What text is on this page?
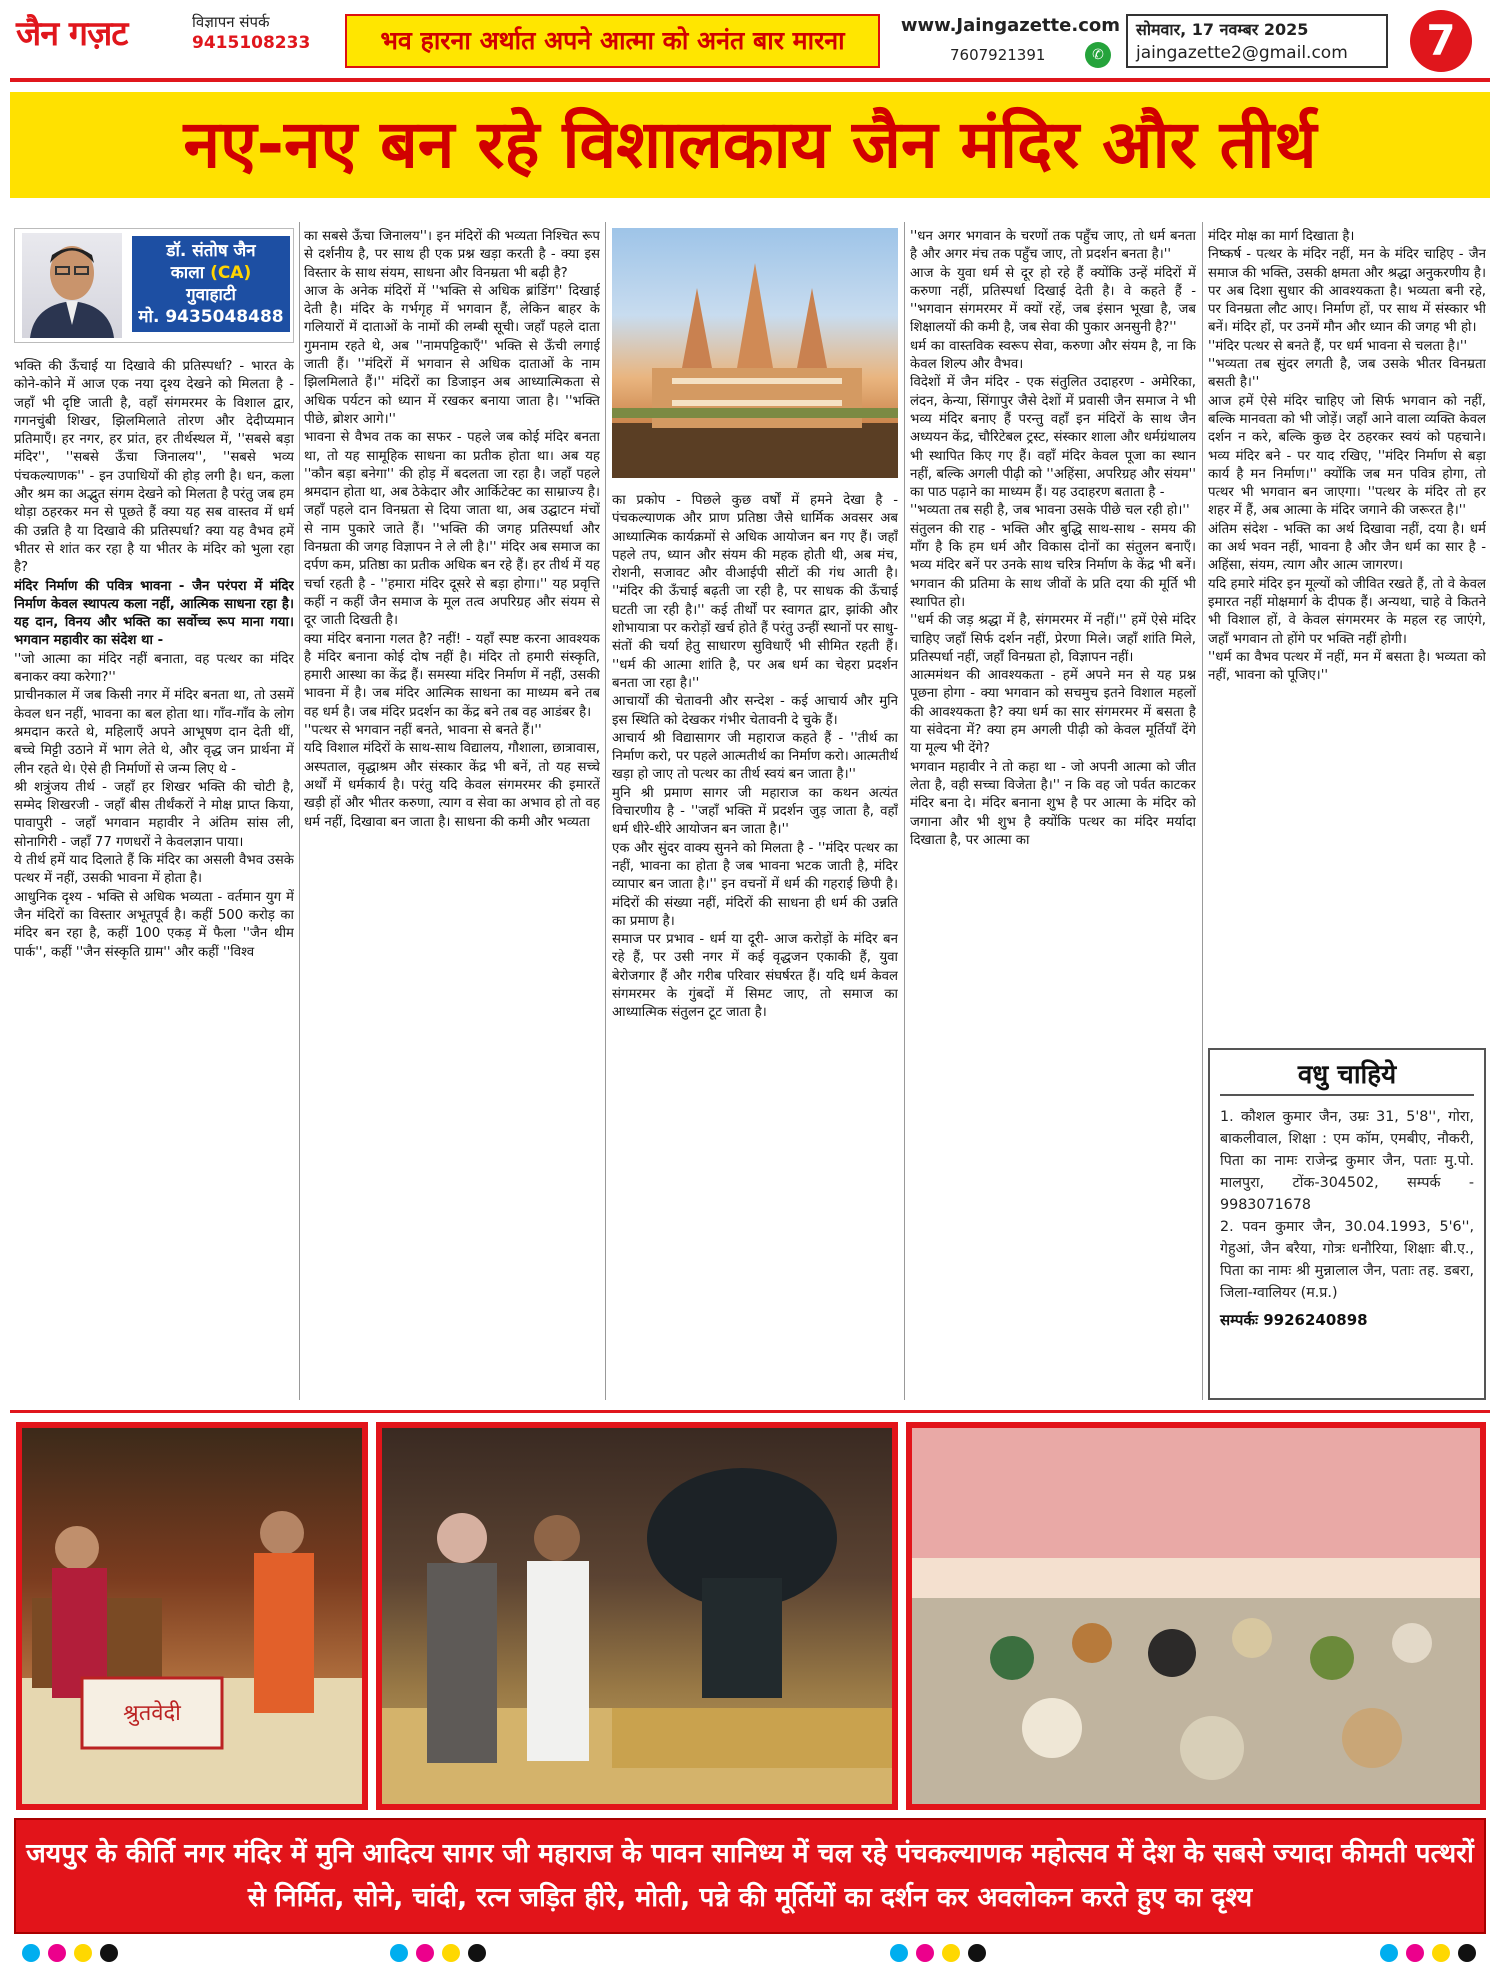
जैन गज़ट	विज्ञापन संपर्क
9415108233	भव हारना अर्थात अपने आत्मा को अनंत बार मारना
www.Jaingazette.com
7607921391	✆
सोमवार, 17 नवम्बर 2025
jaingazette2@gmail.com	7
नए-नए बन रहे विशालकाय जैन मंदिर और तीर्थ
डॉ. संतोष जैन
काला (CA)
गुवाहाटी
मो. 9435048488

भक्ति की ऊँचाई या दिखावे की प्रतिस्पर्धा? - भारत के कोने-कोने में आज एक नया दृश्य देखने को मिलता है - जहाँ भी दृष्टि जाती है, वहाँ संगमरमर के विशाल द्वार, गगनचुंबी शिखर, झिलमिलाते तोरण और देदीप्यमान प्रतिमाएँ। हर नगर, हर प्रांत, हर तीर्थस्थल में, ''सबसे बड़ा मंदिर'', ''सबसे ऊँचा जिनालय'', ''सबसे भव्य पंचकल्याणक'' - इन उपाधियों की होड़ लगी है। धन, कला और श्रम का अद्भुत संगम देखने को मिलता है परंतु जब हम थोड़ा ठहरकर मन से पूछते हैं क्या यह सब वास्तव में धर्म की उन्नति है या दिखावे की प्रतिस्पर्धा? क्या यह वैभव हमें भीतर से शांत कर रहा है या भीतर के मंदिर को भुला रहा है?

मंदिर निर्माण की पवित्र भावना - जैन परंपरा में मंदिर निर्माण केवल स्थापत्य कला नहीं, आत्मिक साधना रहा है। यह दान, विनय और भक्ति का सर्वोच्च रूप माना गया। भगवान महावीर का संदेश था -

''जो आत्मा का मंदिर नहीं बनाता, वह पत्थर का मंदिर बनाकर क्या करेगा?''

प्राचीनकाल में जब किसी नगर में मंदिर बनता था, तो उसमें केवल धन नहीं, भावना का बल होता था। गाँव-गाँव के लोग श्रमदान करते थे, महिलाएँ अपने आभूषण दान देती थीं, बच्चे मिट्टी उठाने में भाग लेते थे, और वृद्ध जन प्रार्थना में लीन रहते थे। ऐसे ही निर्माणों से जन्म लिए थे -

श्री शत्रुंजय तीर्थ - जहाँ हर शिखर भक्ति की चोटी है, सम्मेद शिखरजी - जहाँ बीस तीर्थंकरों ने मोक्ष प्राप्त किया, पावापुरी - जहाँ भगवान महावीर ने अंतिम सांस ली, सोनागिरी - जहाँ 77 गणधरों ने केवलज्ञान पाया।

ये तीर्थ हमें याद दिलाते हैं कि मंदिर का असली वैभव उसके पत्थर में नहीं, उसकी भावना में होता है।

आधुनिक दृश्य - भक्ति से अधिक भव्यता - वर्तमान युग में जैन मंदिरों का विस्तार अभूतपूर्व है। कहीं 500 करोड़ का मंदिर बन रहा है, कहीं 100 एकड़ में फैला ''जैन थीम पार्क'', कहीं ''जैन संस्कृति ग्राम'' और कहीं ''विश्व

का सबसे ऊँचा जिनालय''। इन मंदिरों की भव्यता निश्चित रूप से दर्शनीय है, पर साथ ही एक प्रश्न खड़ा करती है - क्या इस विस्तार के साथ संयम, साधना और विनम्रता भी बढ़ी है?

आज के अनेक मंदिरों में ''भक्ति से अधिक ब्रांडिंग'' दिखाई देती है। मंदिर के गर्भगृह में भगवान हैं, लेकिन बाहर के गलियारों में दाताओं के नामों की लम्बी सूची। जहाँ पहले दाता गुमनाम रहते थे, अब ''नामपट्टिकाएँ'' भक्ति से ऊँची लगाई जाती हैं। ''मंदिरों में भगवान से अधिक दाताओं के नाम झिलमिलाते हैं।'' मंदिरों का डिजाइन अब आध्यात्मिकता से अधिक पर्यटन को ध्यान में रखकर बनाया जाता है। ''भक्ति पीछे, ब्रोशर आगे।''

भावना से वैभव तक का सफर - पहले जब कोई मंदिर बनता था, तो यह सामूहिक साधना का प्रतीक होता था। अब यह ''कौन बड़ा बनेगा'' की होड़ में बदलता जा रहा है। जहाँ पहले श्रमदान होता था, अब ठेकेदार और आर्किटेक्ट का साम्राज्य है। जहाँ पहले दान विनम्रता से दिया जाता था, अब उद्घाटन मंचों से नाम पुकारे जाते हैं। ''भक्ति की जगह प्रतिस्पर्धा और विनम्रता की जगह विज्ञापन ने ले ली है।'' मंदिर अब समाज का दर्पण कम, प्रतिष्ठा का प्रतीक अधिक बन रहे हैं। हर तीर्थ में यह चर्चा रहती है - ''हमारा मंदिर दूसरे से बड़ा होगा।'' यह प्रवृत्ति कहीं न कहीं जैन समाज के मूल तत्व अपरिग्रह और संयम से दूर जाती दिखती है।

क्या मंदिर बनाना गलत है? नहीं! - यहाँ स्पष्ट करना आवश्यक है मंदिर बनाना कोई दोष नहीं है। मंदिर तो हमारी संस्कृति, हमारी आस्था का केंद्र हैं। समस्या मंदिर निर्माण में नहीं, उसकी भावना में है। जब मंदिर आत्मिक साधना का माध्यम बने तब वह धर्म है। जब मंदिर प्रदर्शन का केंद्र बने तब वह आडंबर है।

''पत्थर से भगवान नहीं बनते, भावना से बनते हैं।''

यदि विशाल मंदिरों के साथ-साथ विद्यालय, गौशाला, छात्रावास, अस्पताल, वृद्धाश्रम और संस्कार केंद्र भी बनें, तो यह सच्चे अर्थों में धर्मकार्य है। परंतु यदि केवल संगमरमर की इमारतें खड़ी हों और भीतर करुणा, त्याग व सेवा का अभाव हो तो वह धर्म नहीं, दिखावा बन जाता है। साधना की कमी और भव्यता

का प्रकोप - पिछले कुछ वर्षों में हमने देखा है - पंचकल्याणक और प्राण प्रतिष्ठा जैसे धार्मिक अवसर अब आध्यात्मिक कार्यक्रमों से अधिक आयोजन बन गए हैं। जहाँ पहले तप, ध्यान और संयम की महक होती थी, अब मंच, रोशनी, सजावट और वीआईपी सीटों की गंध आती है। ''मंदिर की ऊँचाई बढ़ती जा रही है, पर साधक की ऊँचाई घटती जा रही है।'' कई तीर्थों पर स्वागत द्वार, झांकी और शोभायात्रा पर करोड़ों खर्च होते हैं परंतु उन्हीं स्थानों पर साधु-संतों की चर्या हेतु साधारण सुविधाएँ भी सीमित रहती हैं। ''धर्म की आत्मा शांति है, पर अब धर्म का चेहरा प्रदर्शन बनता जा रहा है।''

आचार्यों की चेतावनी और सन्देश - कई आचार्य और मुनि इस स्थिति को देखकर गंभीर चेतावनी दे चुके हैं।

आचार्य श्री विद्यासागर जी महाराज कहते हैं - ''तीर्थ का निर्माण करो, पर पहले आत्मतीर्थ का निर्माण करो। आत्मतीर्थ खड़ा हो जाए तो पत्थर का तीर्थ स्वयं बन जाता है।''

मुनि श्री प्रमाण सागर जी महाराज का कथन अत्यंत विचारणीय है - ''जहाँ भक्ति में प्रदर्शन जुड़ जाता है, वहाँ धर्म धीरे-धीरे आयोजन बन जाता है।''

एक और सुंदर वाक्य सुनने को मिलता है - ''मंदिर पत्थर का नहीं, भावना का होता है जब भावना भटक जाती है, मंदिर व्यापार बन जाता है।'' इन वचनों में धर्म की गहराई छिपी है। मंदिरों की संख्या नहीं, मंदिरों की साधना ही धर्म की उन्नति का प्रमाण है।

समाज पर प्रभाव - धर्म या दूरी- आज करोड़ों के मंदिर बन रहे हैं, पर उसी नगर में कई वृद्धजन एकाकी हैं, युवा बेरोजगार हैं और गरीब परिवार संघर्षरत हैं। यदि धर्म केवल संगमरमर के गुंबदों में सिमट जाए, तो समाज का आध्यात्मिक संतुलन टूट जाता है।

''धन अगर भगवान के चरणों तक पहुँच जाए, तो धर्म बनता है और अगर मंच तक पहुँच जाए, तो प्रदर्शन बनता है।''

आज के युवा धर्म से दूर हो रहे हैं क्योंकि उन्हें मंदिरों में करुणा नहीं, प्रतिस्पर्धा दिखाई देती है। वे कहते हैं - ''भगवान संगमरमर में क्यों रहें, जब इंसान भूखा है, जब शिक्षालयों की कमी है, जब सेवा की पुकार अनसुनी है?''

धर्म का वास्तविक स्वरूप सेवा, करुणा और संयम है, ना कि केवल शिल्प और वैभव।

विदेशों में जैन मंदिर - एक संतुलित उदाहरण - अमेरिका, लंदन, केन्या, सिंगापुर जैसे देशों में प्रवासी जैन समाज ने भी भव्य मंदिर बनाए हैं परन्तु वहाँ इन मंदिरों के साथ जैन अध्ययन केंद्र, चौरिटेबल ट्रस्ट, संस्कार शाला और धर्मग्रंथालय भी स्थापित किए गए हैं। वहाँ मंदिर केवल पूजा का स्थान नहीं, बल्कि अगली पीढ़ी को ''अहिंसा, अपरिग्रह और संयम'' का पाठ पढ़ाने का माध्यम हैं। यह उदाहरण बताता है -

''भव्यता तब सही है, जब भावना उसके पीछे चल रही हो।''

संतुलन की राह - भक्ति और बुद्धि साथ-साथ - समय की माँग है कि हम धर्म और विकास दोनों का संतुलन बनाएँ। भव्य मंदिर बनें पर उनके साथ चरित्र निर्माण के केंद्र भी बनें। भगवान की प्रतिमा के साथ जीवों के प्रति दया की मूर्ति भी स्थापित हो।

''धर्म की जड़ श्रद्धा में है, संगमरमर में नहीं।'' हमें ऐसे मंदिर चाहिए जहाँ सिर्फ दर्शन नहीं, प्रेरणा मिले। जहाँ शांति मिले, प्रतिस्पर्धा नहीं, जहाँ विनम्रता हो, विज्ञापन नहीं।

आत्ममंथन की आवश्यकता - हमें अपने मन से यह प्रश्न पूछना होगा - क्या भगवान को सचमुच इतने विशाल महलों की आवश्यकता है? क्या धर्म का सार संगमरमर में बसता है या संवेदना में? क्या हम अगली पीढ़ी को केवल मूर्तियाँ देंगे या मूल्य भी देंगे?

भगवान महावीर ने तो कहा था - जो अपनी आत्मा को जीत लेता है, वही सच्चा विजेता है।'' न कि वह जो पर्वत काटकर मंदिर बना दे। मंदिर बनाना शुभ है पर आत्मा के मंदिर को जगाना और भी शुभ है क्योंकि पत्थर का मंदिर मर्यादा दिखाता है, पर आत्मा का

मंदिर मोक्ष का मार्ग दिखाता है।

निष्कर्ष - पत्थर के मंदिर नहीं, मन के मंदिर चाहिए - जैन समाज की भक्ति, उसकी क्षमता और श्रद्धा अनुकरणीय है। पर अब दिशा सुधार की आवश्यकता है। भव्यता बनी रहे, पर विनम्रता लौट आए। निर्माण हों, पर साथ में संस्कार भी बनें। मंदिर हों, पर उनमें मौन और ध्यान की जगह भी हो।

''मंदिर पत्थर से बनते हैं, पर धर्म भावना से चलता है।''

''भव्यता तब सुंदर लगती है, जब उसके भीतर विनम्रता बसती है।''

आज हमें ऐसे मंदिर चाहिए जो सिर्फ भगवान को नहीं, बल्कि मानवता को भी जोड़ें। जहाँ आने वाला व्यक्ति केवल दर्शन न करे, बल्कि कुछ देर ठहरकर स्वयं को पहचाने। भव्य मंदिर बने - पर याद रखिए, ''मंदिर निर्माण से बड़ा कार्य है मन निर्माण।'' क्योंकि जब मन पवित्र होगा, तो पत्थर भी भगवान बन जाएगा। ''पत्थर के मंदिर तो हर शहर में हैं, अब आत्मा के मंदिर जगाने की जरूरत है।''

अंतिम संदेश - भक्ति का अर्थ दिखावा नहीं, दया है। धर्म का अर्थ भवन नहीं, भावना है और जैन धर्म का सार है - अहिंसा, संयम, त्याग और आत्म जागरण।

यदि हमारे मंदिर इन मूल्यों को जीवित रखते हैं, तो वे केवल इमारत नहीं मोक्षमार्ग के दीपक हैं। अन्यथा, चाहे वे कितने भी विशाल हों, वे केवल संगमरमर के महल रह जाएंगे, जहाँ भगवान तो होंगे पर भक्ति नहीं होगी।

''धर्म का वैभव पत्थर में नहीं, मन में बसता है। भव्यता को नहीं, भावना को पूजिए।''

वधु चाहिये

1. कौशल कुमार जैन, उम्रः 31, 5'8'', गोरा, बाकलीवाल, शिक्षा : एम कॉम, एमबीए, नौकरी, पिता का नामः राजेन्द्र कुमार जैन, पताः मु.पो. मालपुरा, टोंक-304502, सम्पर्क - 9983071678

2. पवन कुमार जैन, 30.04.1993, 5'6'', गेहुआं, जैन बरैया, गोत्रः धनौरिया, शिक्षाः बी.ए., पिता का नामः श्री मुन्नालाल जैन, पताः तह. डबरा, जिला-ग्वालियर (म.प्र.)

सम्पर्कः 9926240898
श्रुतवेदी
जयपुर के कीर्ति नगर मंदिर में मुनि आदित्य सागर जी महाराज के पावन सानिध्य में चल रहे पंचकल्याणक महोत्सव में देश के सबसे ज्यादा कीमती पत्थरों से निर्मित, सोने, चांदी, रत्न जड़ित हीरे, मोती, पन्ने की मूर्तियों का दर्शन कर अवलोकन करते हुए का दृश्य
